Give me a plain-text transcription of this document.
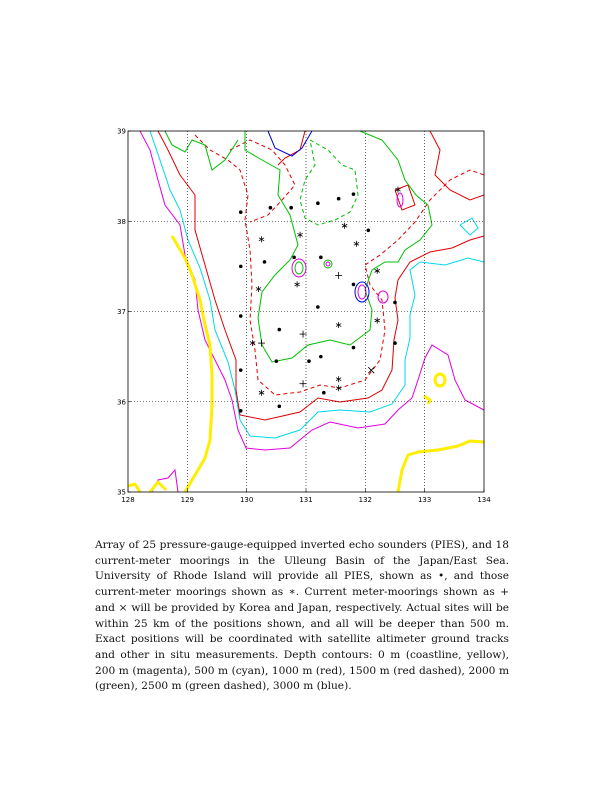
128	129	130	131	132	133	134
35
36
37
38
39
Array of 25 pressure-gauge-equipped inverted echo sounders (PIES), and 18 current-meter moorings in the Ulleung Basin of the Japan/East Sea. University of Rhode Island will provide all PIES, shown as •, and those current-meter moorings shown as ∗. Current meter-moorings shown as + and × will be provided by Korea and Japan, respectively. Actual sites will be within 25 km of the positions shown, and all will be deeper than 500 m. Exact positions will be coordinated with satellite altimeter ground tracks and other in situ measurements. Depth contours: 0 m (coastline, yellow), 200 m (magenta), 500 m (cyan), 1000 m (red), 1500 m (red dashed), 2000 m (green), 2500 m (green dashed), 3000 m (blue).
